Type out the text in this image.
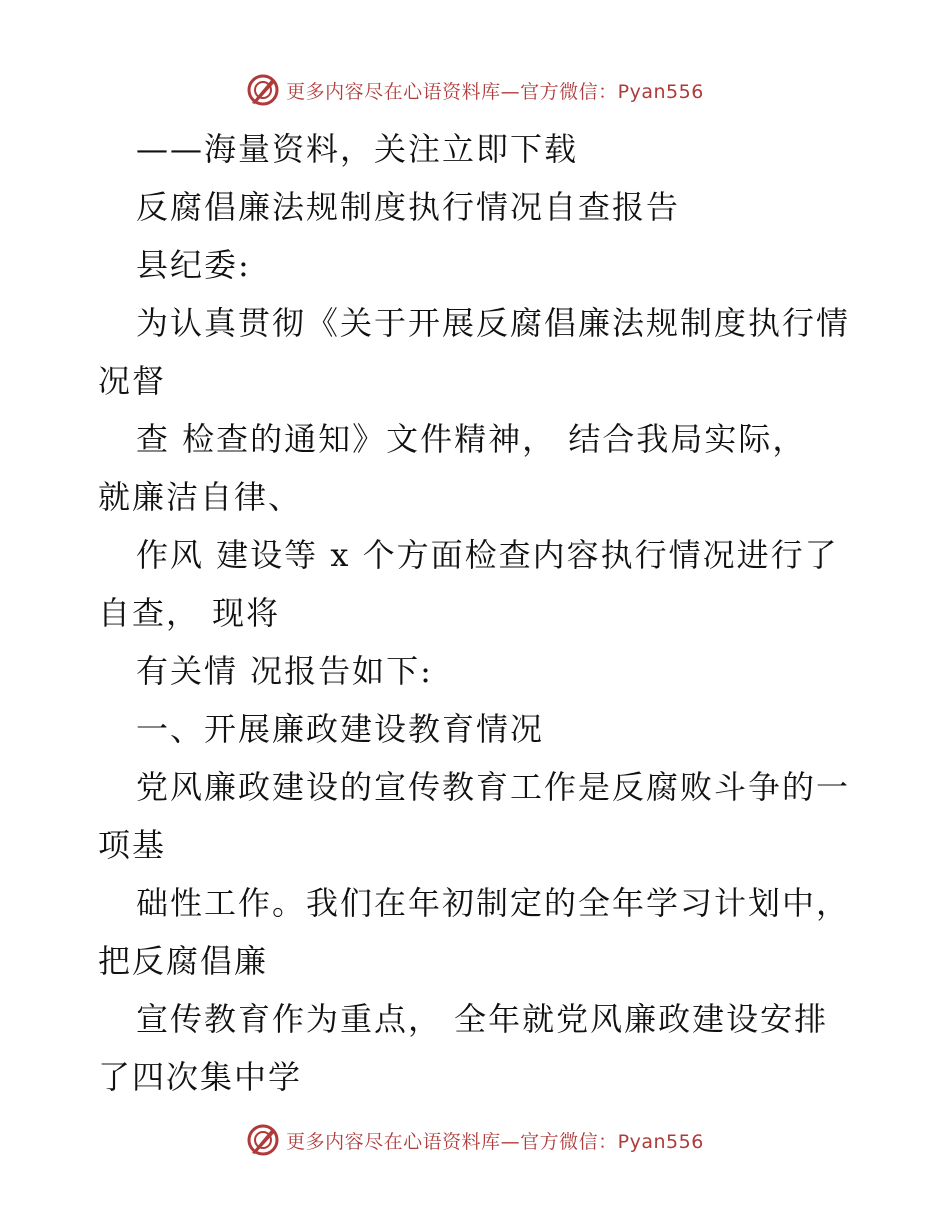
更多内容尽在心语资料库—官方微信：Pyan556
——海量资料，关注立即下载
反腐倡廉法规制度执行情况自查报告
县纪委:
为认真贯彻《关于开展反腐倡廉法规制度执行情
况督
查 检查的通知》文件精神， 结合我局实际，
就廉洁自律、
作风 建设等 x 个方面检查内容执行情况进行了
自查， 现将
有关情 况报告如下:
一、开展廉政建设教育情况
党风廉政建设的宣传教育工作是反腐败斗争的一
项基
础性工作。我们在年初制定的全年学习计划中，
把反腐倡廉
宣传教育作为重点， 全年就党风廉政建设安排
了四次集中学
更多内容尽在心语资料库—官方微信：Pyan556
